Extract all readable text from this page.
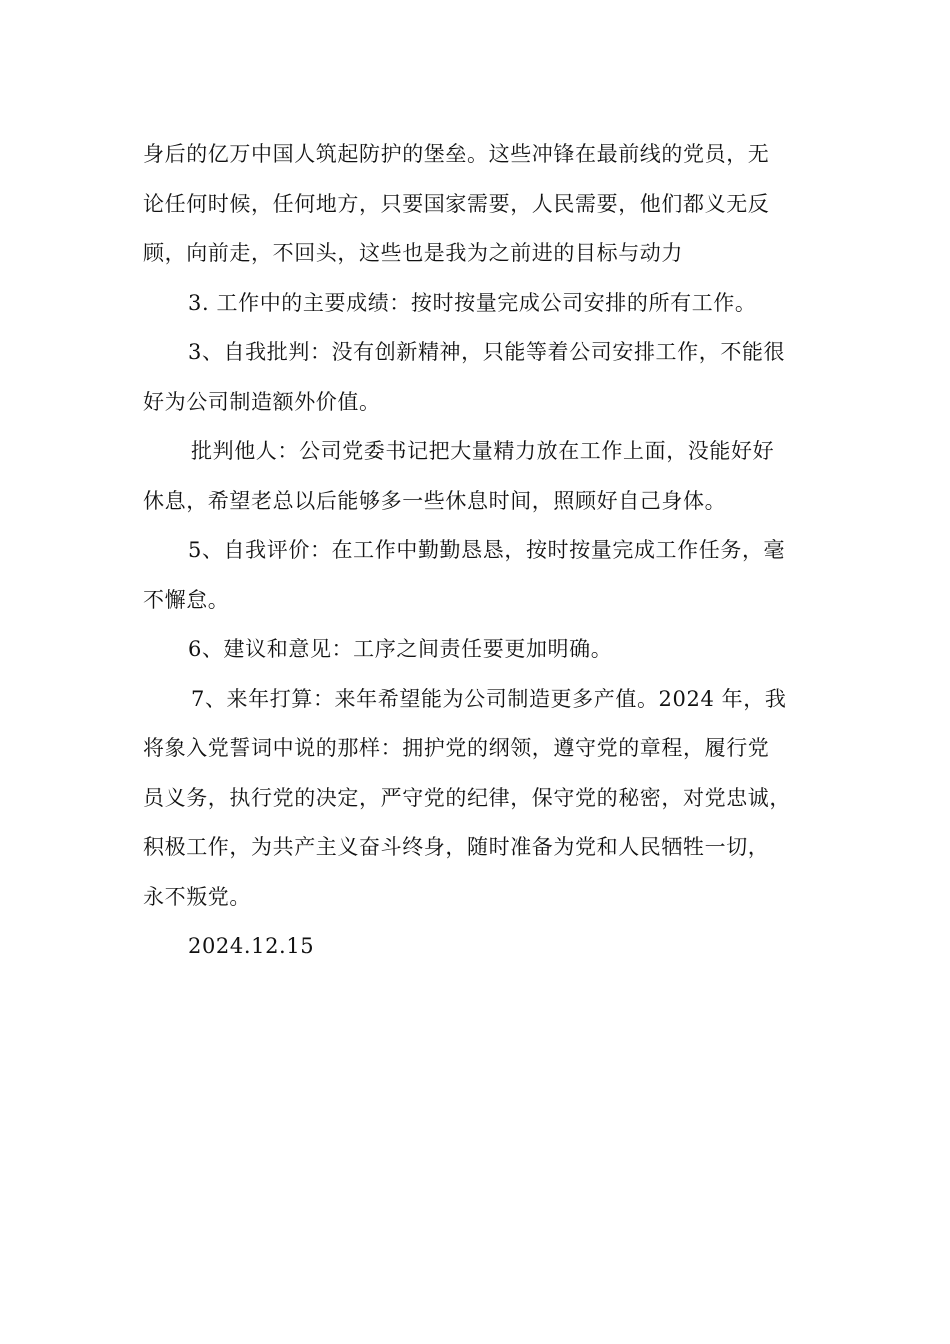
身后的亿万中国人筑起防护的堡垒。这些冲锋在最前线的党员，无
论任何时候，任何地方，只要国家需要，人民需要，他们都义无反
顾，向前走，不回头，这些也是我为之前进的目标与动力
3. 工作中的主要成绩：按时按量完成公司安排的所有工作。
3、自我批判：没有创新精神，只能等着公司安排工作，不能很
好为公司制造额外价值。
批判他人：公司党委书记把大量精力放在工作上面，没能好好
休息，希望老总以后能够多一些休息时间，照顾好自己身体。
5、自我评价：在工作中勤勤恳恳，按时按量完成工作任务，毫
不懈怠。
6、建议和意见：工序之间责任要更加明确。
7、来年打算：来年希望能为公司制造更多产值。2024 年，我
将象入党誓词中说的那样：拥护党的纲领，遵守党的章程，履行党
员义务，执行党的决定，严守党的纪律，保守党的秘密，对党忠诚，
积极工作，为共产主义奋斗终身，随时准备为党和人民牺牲一切，
永不叛党。
2024.12.15
